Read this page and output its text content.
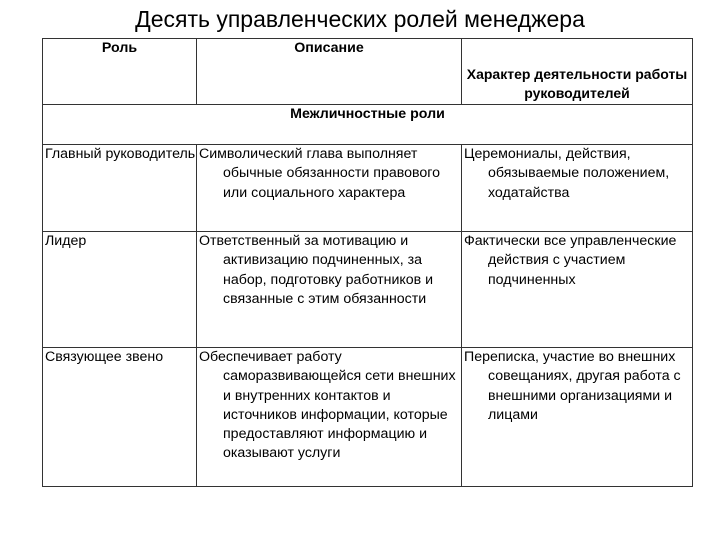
Десять управленческих ролей менеджера
Роль	Описание	Характер деятельности работы руководителей
Межличностные роли		
Главный руководитель	Символический глава выполняет обычные обязанности правового или социального характера	Церемониалы, действия, обязываемые положением, ходатайства
Лидер	Ответственный за мотивацию и активизацию подчиненных, за набор, подготовку работников и связанные с этим обязанности	Фактически все управленческие действия с участием подчиненных
Связующее звено	Обеспечивает работу саморазвивающейся сети внешних и внутренних контактов и источников информации, которые предоставляют информацию и оказывают услуги	Переписка, участие во внешних совещаниях, другая работа с внешними организациями и лицами
